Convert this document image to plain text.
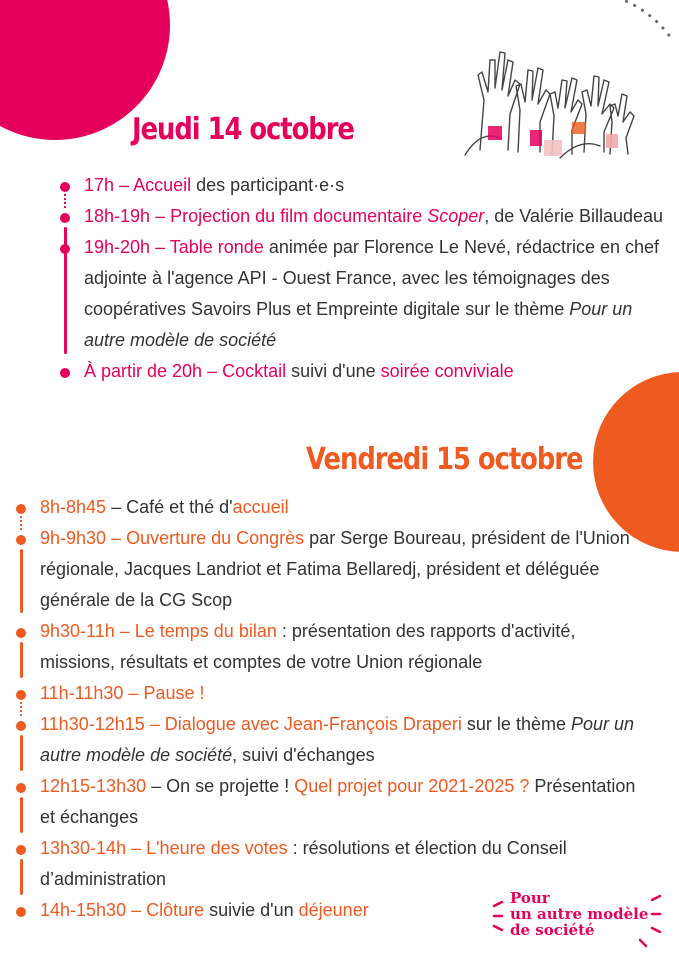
Jeudi 14 octobre
17h – Accueil des participant·e·s
18h-19h – Projection du film documentaire Scoper, de Valérie Billaudeau
19h-20h – Table ronde animée par Florence Le Nevé, rédactrice en chef adjointe à l'agence API - Ouest France, avec les témoignages des coopératives Savoirs Plus et Empreinte digitale sur le thème Pour un autre modèle de société
À partir de 20h – Cocktail suivi d'une soirée conviviale
Vendredi 15 octobre
8h-8h45 – Café et thé d'accueil
9h-9h30 – Ouverture du Congrès par Serge Boureau, président de l'Union régionale, Jacques Landriot et Fatima Bellaredj, président et déléguée générale de la CG Scop
9h30-11h – Le temps du bilan : présentation des rapports d'activité, missions, résultats et comptes de votre Union régionale
11h-11h30 – Pause !
11h30-12h15 – Dialogue avec Jean-François Draperi sur le thème Pour un autre modèle de société, suivi d'échanges
12h15-13h30 – On se projette ! Quel projet pour 2021-2025 ? Présentation et échanges
13h30-14h – L'heure des votes : résolutions et élection du Conseil d’administration
14h-15h30 – Clôture suivie d'un déjeuner
Pour
un autre modèle
de société
